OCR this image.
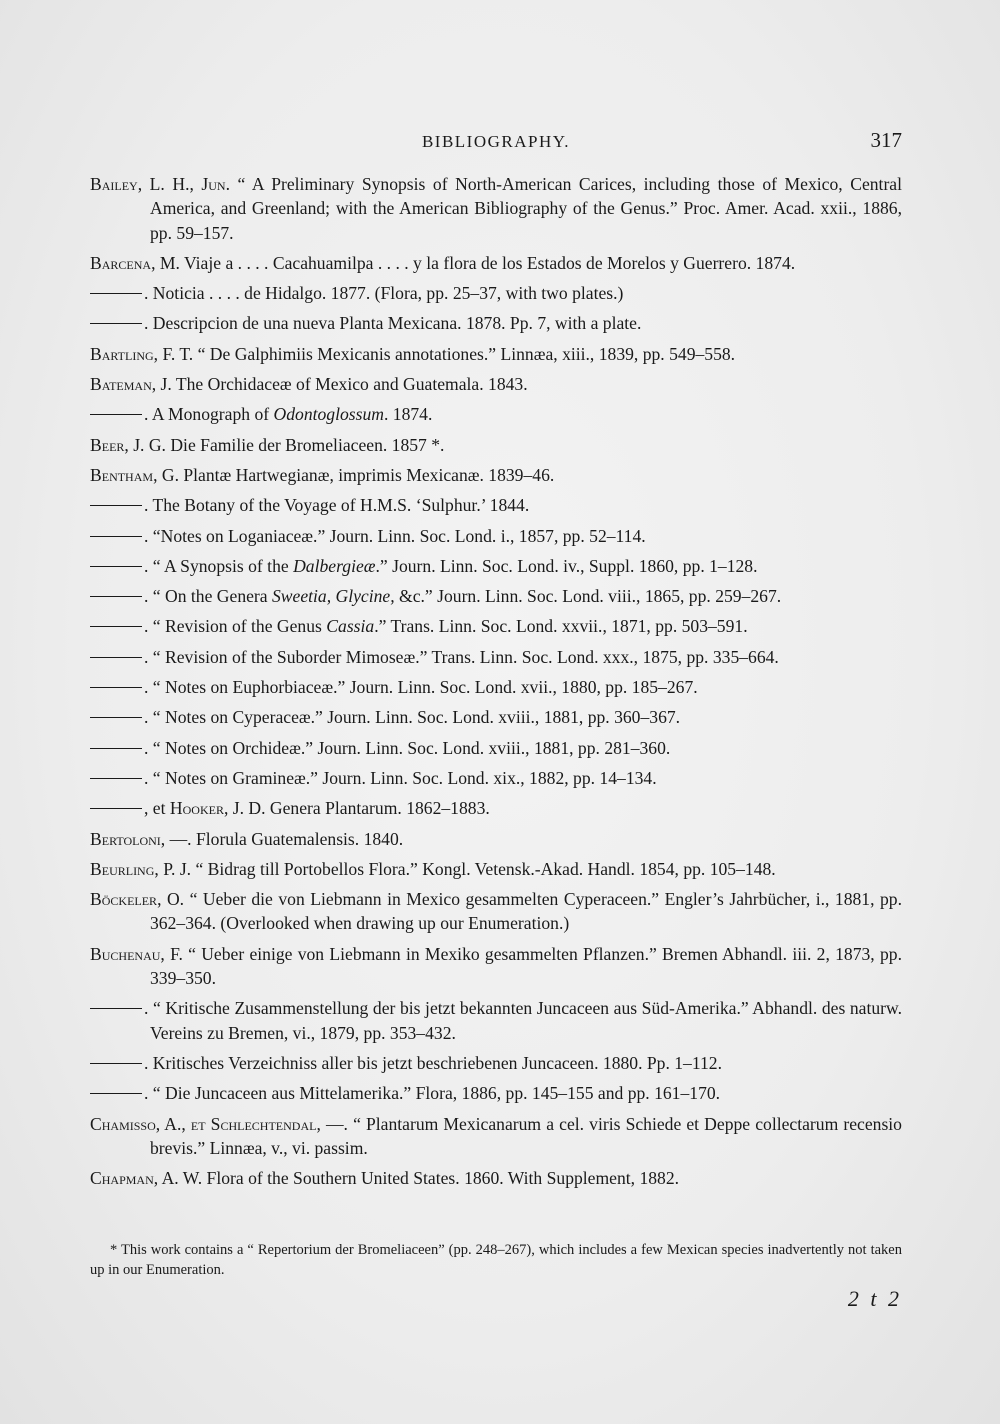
BIBLIOGRAPHY.	317

Bailey, L. H., Jun. “ A Preliminary Synopsis of North-American Carices, including those of Mexico, Central America, and Greenland; with the American Bibliography of the Genus.” Proc. Amer. Acad. xxii., 1886, pp. 59–157.

Barcena, M. Viaje a . . . . Cacahuamilpa . . . . y la flora de los Estados de Morelos y Guerrero. 1874.

. Noticia . . . . de Hidalgo. 1877. (Flora, pp. 25–37, with two plates.)

. Descripcion de una nueva Planta Mexicana. 1878. Pp. 7, with a plate.

Bartling, F. T. “ De Galphimiis Mexicanis annotationes.” Linnæa, xiii., 1839, pp. 549–558.

Bateman, J. The Orchidaceæ of Mexico and Guatemala. 1843.

. A Monograph of Odontoglossum. 1874.

Beer, J. G. Die Familie der Bromeliaceen. 1857 *.

Bentham, G. Plantæ Hartwegianæ, imprimis Mexicanæ. 1839–46.

. The Botany of the Voyage of H.M.S. ‘Sulphur.’ 1844.

. “Notes on Loganiaceæ.” Journ. Linn. Soc. Lond. i., 1857, pp. 52–114.

. “ A Synopsis of the Dalbergieæ.” Journ. Linn. Soc. Lond. iv., Suppl. 1860, pp. 1–128.

. “ On the Genera Sweetia, Glycine, &c.” Journ. Linn. Soc. Lond. viii., 1865, pp. 259–267.

. “ Revision of the Genus Cassia.” Trans. Linn. Soc. Lond. xxvii., 1871, pp. 503–591.

. “ Revision of the Suborder Mimoseæ.” Trans. Linn. Soc. Lond. xxx., 1875, pp. 335–664.

. “ Notes on Euphorbiaceæ.” Journ. Linn. Soc. Lond. xvii., 1880, pp. 185–267.

. “ Notes on Cyperaceæ.” Journ. Linn. Soc. Lond. xviii., 1881, pp. 360–367.

. “ Notes on Orchideæ.” Journ. Linn. Soc. Lond. xviii., 1881, pp. 281–360.

. “ Notes on Gramineæ.” Journ. Linn. Soc. Lond. xix., 1882, pp. 14–134.

, et Hooker, J. D. Genera Plantarum. 1862–1883.

Bertoloni, —. Florula Guatemalensis. 1840.

Beurling, P. J. “ Bidrag till Portobellos Flora.” Kongl. Vetensk.-Akad. Handl. 1854, pp. 105–148.

Böckeler, O. “ Ueber die von Liebmann in Mexico gesammelten Cyperaceen.” Engler’s Jahrbücher, i., 1881, pp. 362–364. (Overlooked when drawing up our Enumeration.)

Buchenau, F. “ Ueber einige von Liebmann in Mexiko gesammelten Pflanzen.” Bremen Abhandl. iii. 2, 1873, pp. 339–350.

. “ Kritische Zusammenstellung der bis jetzt bekannten Juncaceen aus Süd-Amerika.” Abhandl. des naturw. Vereins zu Bremen, vi., 1879, pp. 353–432.

. Kritisches Verzeichniss aller bis jetzt beschriebenen Juncaceen. 1880. Pp. 1–112.

. “ Die Juncaceen aus Mittelamerika.” Flora, 1886, pp. 145–155 and pp. 161–170.

Chamisso, A., et Schlechtendal, —. “ Plantarum Mexicanarum a cel. viris Schiede et Deppe collectarum recensio brevis.” Linnæa, v., vi. passim.

Chapman, A. W. Flora of the Southern United States. 1860. With Supplement, 1882.

* This work contains a “ Repertorium der Bromeliaceen” (pp. 248–267), which includes a few Mexican species inadvertently not taken up in our Enumeration.
2 t 2
